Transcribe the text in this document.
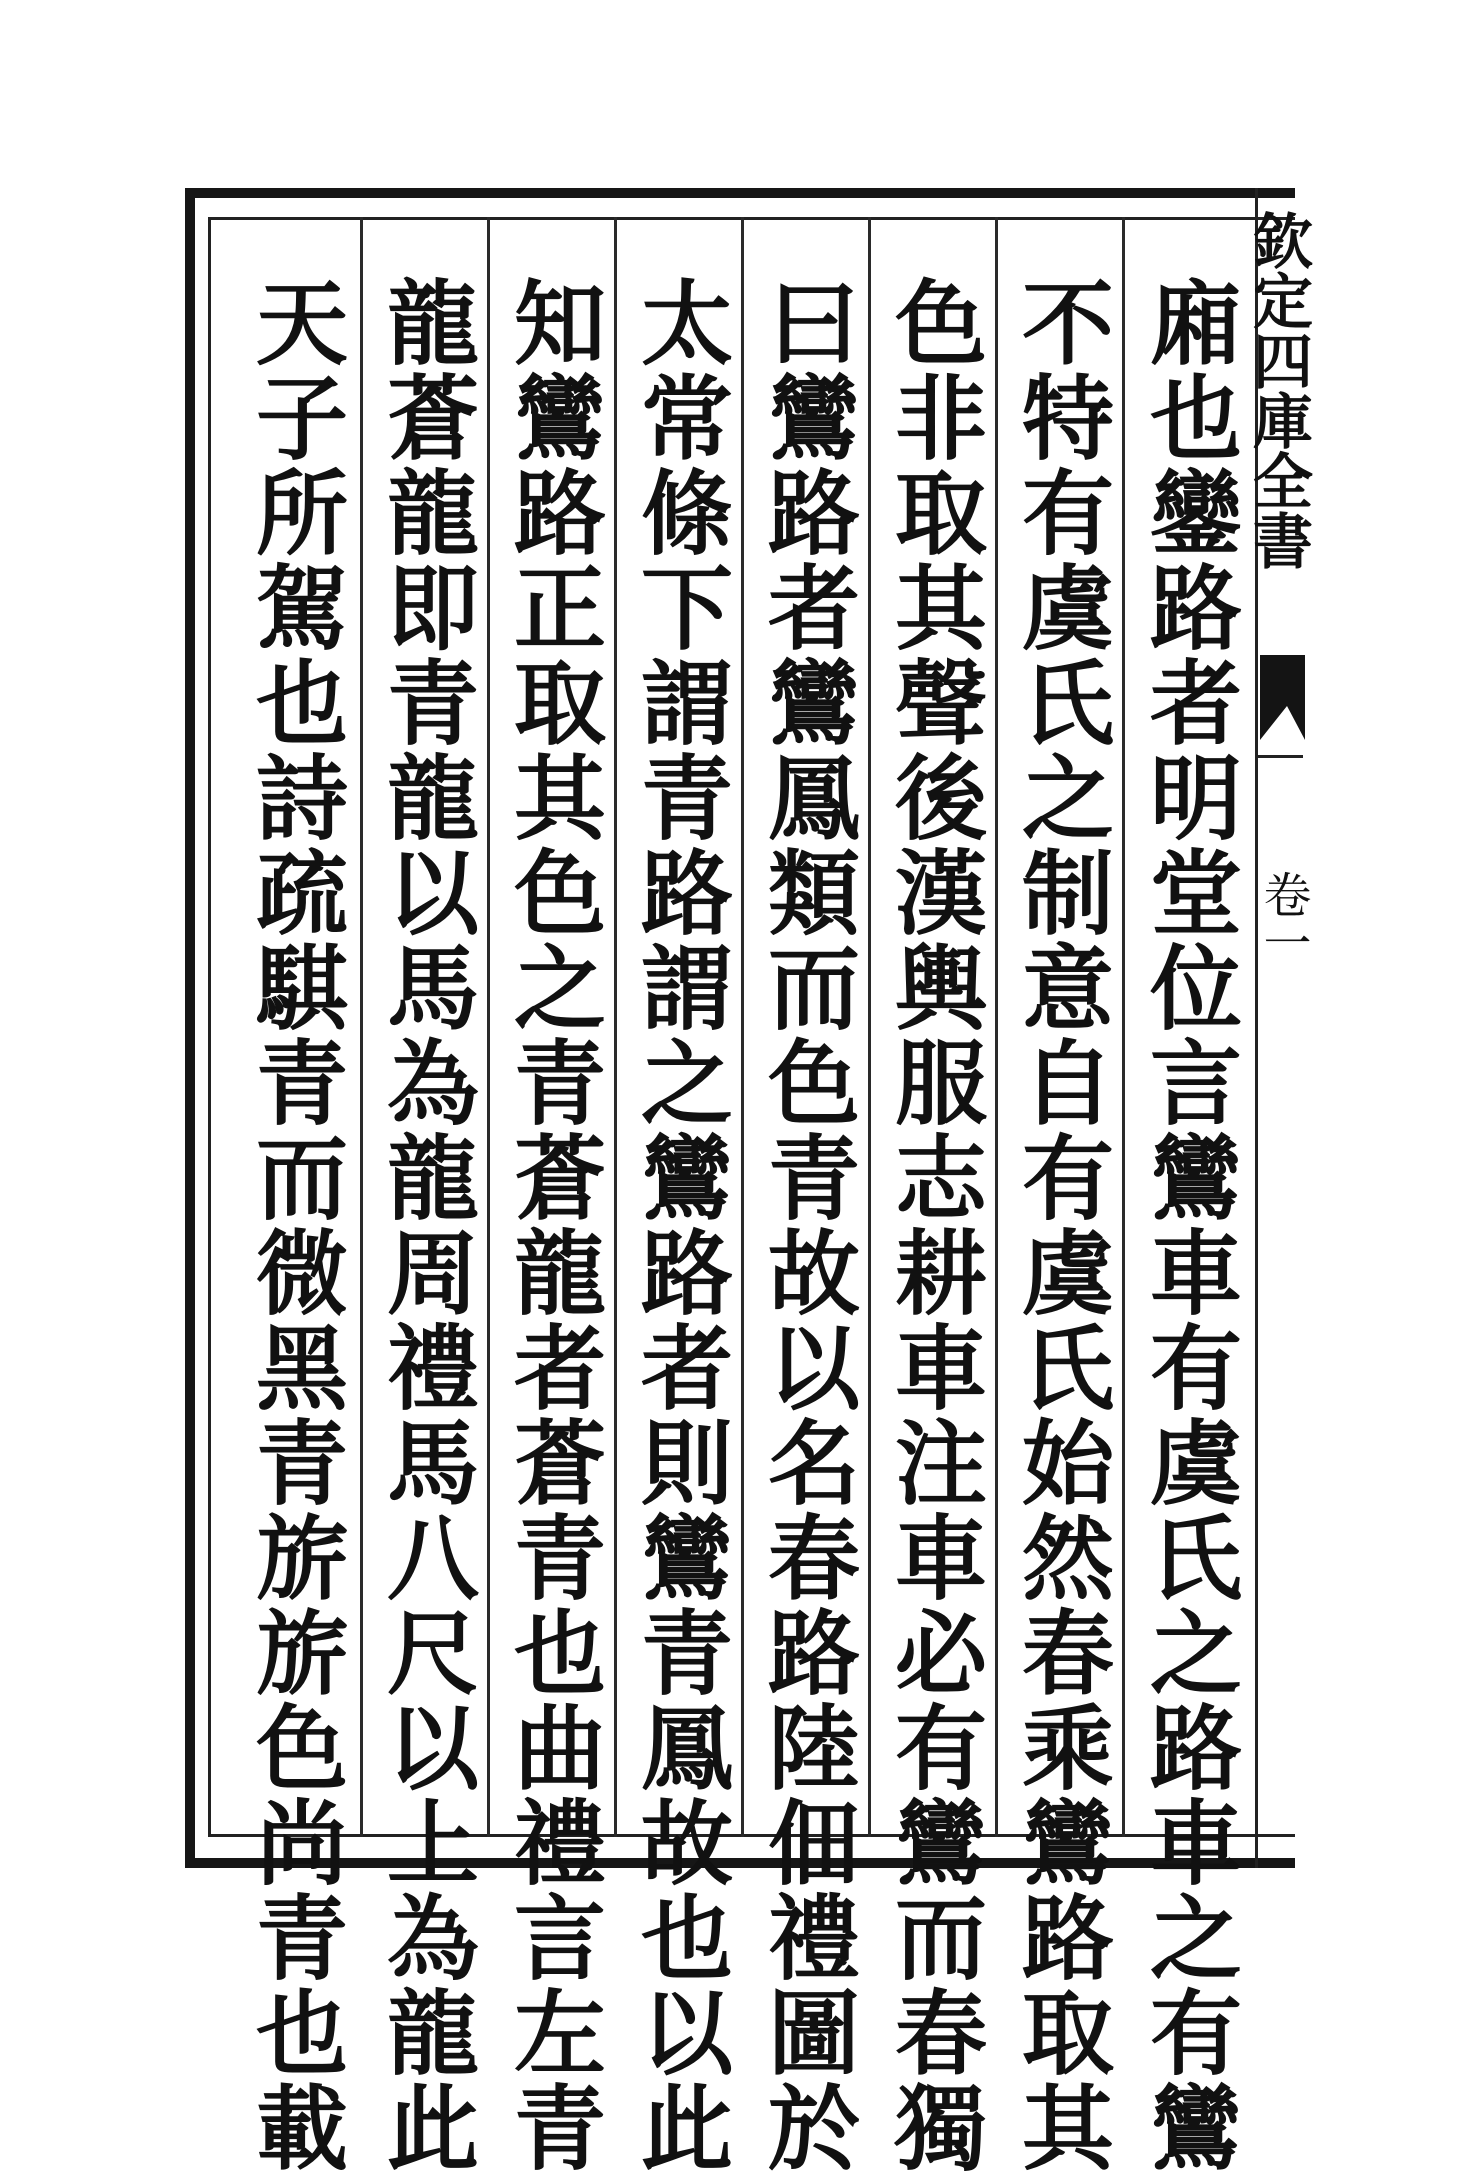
欽定四庫全書
卷一
廂也鑾路者明堂位言鸞車有虞氏之路車之有鸞
不特有虞氏之制意自有虞氏始然春乘鸞路取其
色非取其聲後漢輿服志耕車注車必有鸞而春獨
曰鸞路者鸞鳳類而色青故以名春路陸佃禮圖於
太常條下謂青路謂之鸞路者則鸞青鳳故也以此
知鸞路正取其色之青蒼龍者蒼青也曲禮言左青
龍蒼龍即青龍以馬為龍周禮馬八尺以上為龍此
天子所駕也詩疏騏青而微黑青旂旂色尚青也載
